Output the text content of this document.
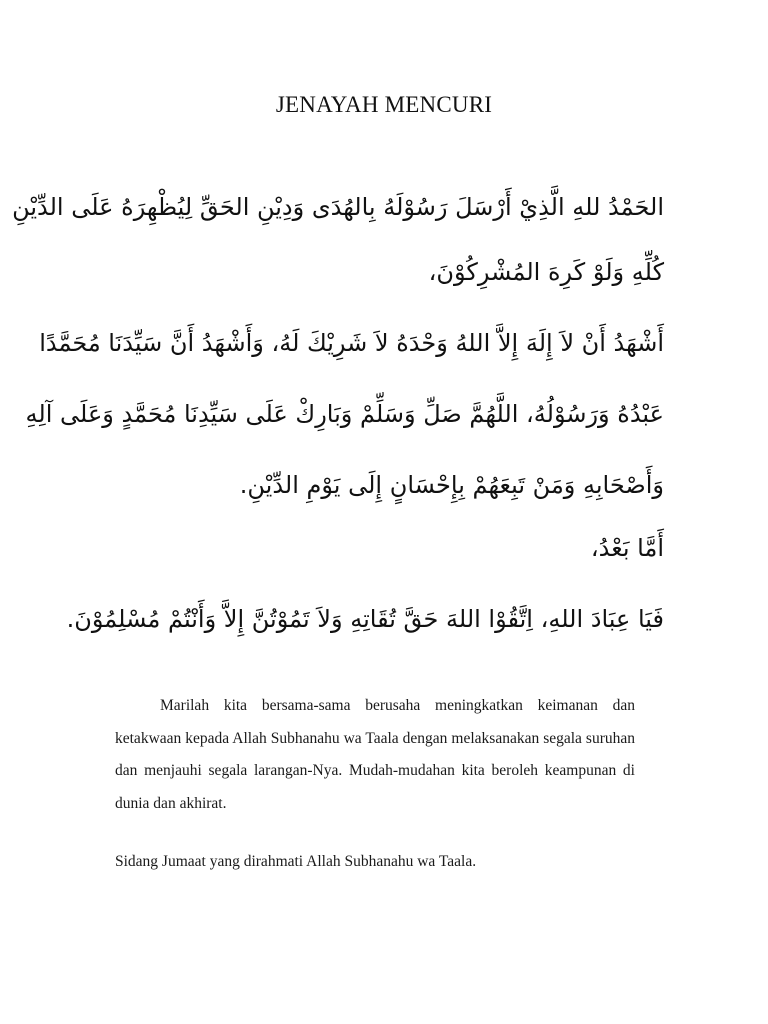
JENAYAH MENCURI
الحَمْدُ للهِ الَّذِيْ أَرْسَلَ رَسُوْلَهُ بِالهُدَى وَدِيْنِ الحَقِّ لِيُظْهِرَهُ عَلَى الدِّيْنِ
كُلِّهِ وَلَوْ كَرِهَ المُشْرِكُوْنَ،
أَشْهَدُ أَنْ لاَ إِلَهَ إِلاَّ اللهُ وَحْدَهُ لاَ شَرِيْكَ لَهُ، وَأَشْهَدُ أَنَّ سَيِّدَنَا مُحَمَّدًا
عَبْدُهُ وَرَسُوْلُهُ، اللَّهُمَّ صَلِّ وَسَلِّمْ وَبَارِكْ عَلَى سَيِّدِنَا مُحَمَّدٍ وَعَلَى آلِهِ
وَأَصْحَابِهِ وَمَنْ تَبِعَهُمْ بِإِحْسَانٍ إِلَى يَوْمِ الدِّيْنِ.
أَمَّا بَعْدُ،
فَيَا عِبَادَ اللهِ، اِتَّقُوْا اللهَ حَقَّ تُقَاتِهِ وَلاَ تَمُوْتُنَّ إِلاَّ وَأَنْتُمْ مُسْلِمُوْنَ.

Marilah kita bersama-sama berusaha meningkatkan keimanan dan ketakwaan kepada Allah Subhanahu wa Taala dengan melaksanakan segala suruhan dan menjauhi segala larangan-Nya. Mudah-mudahan kita beroleh keampunan di dunia dan akhirat.

Sidang Jumaat yang dirahmati Allah Subhanahu wa Taala.
